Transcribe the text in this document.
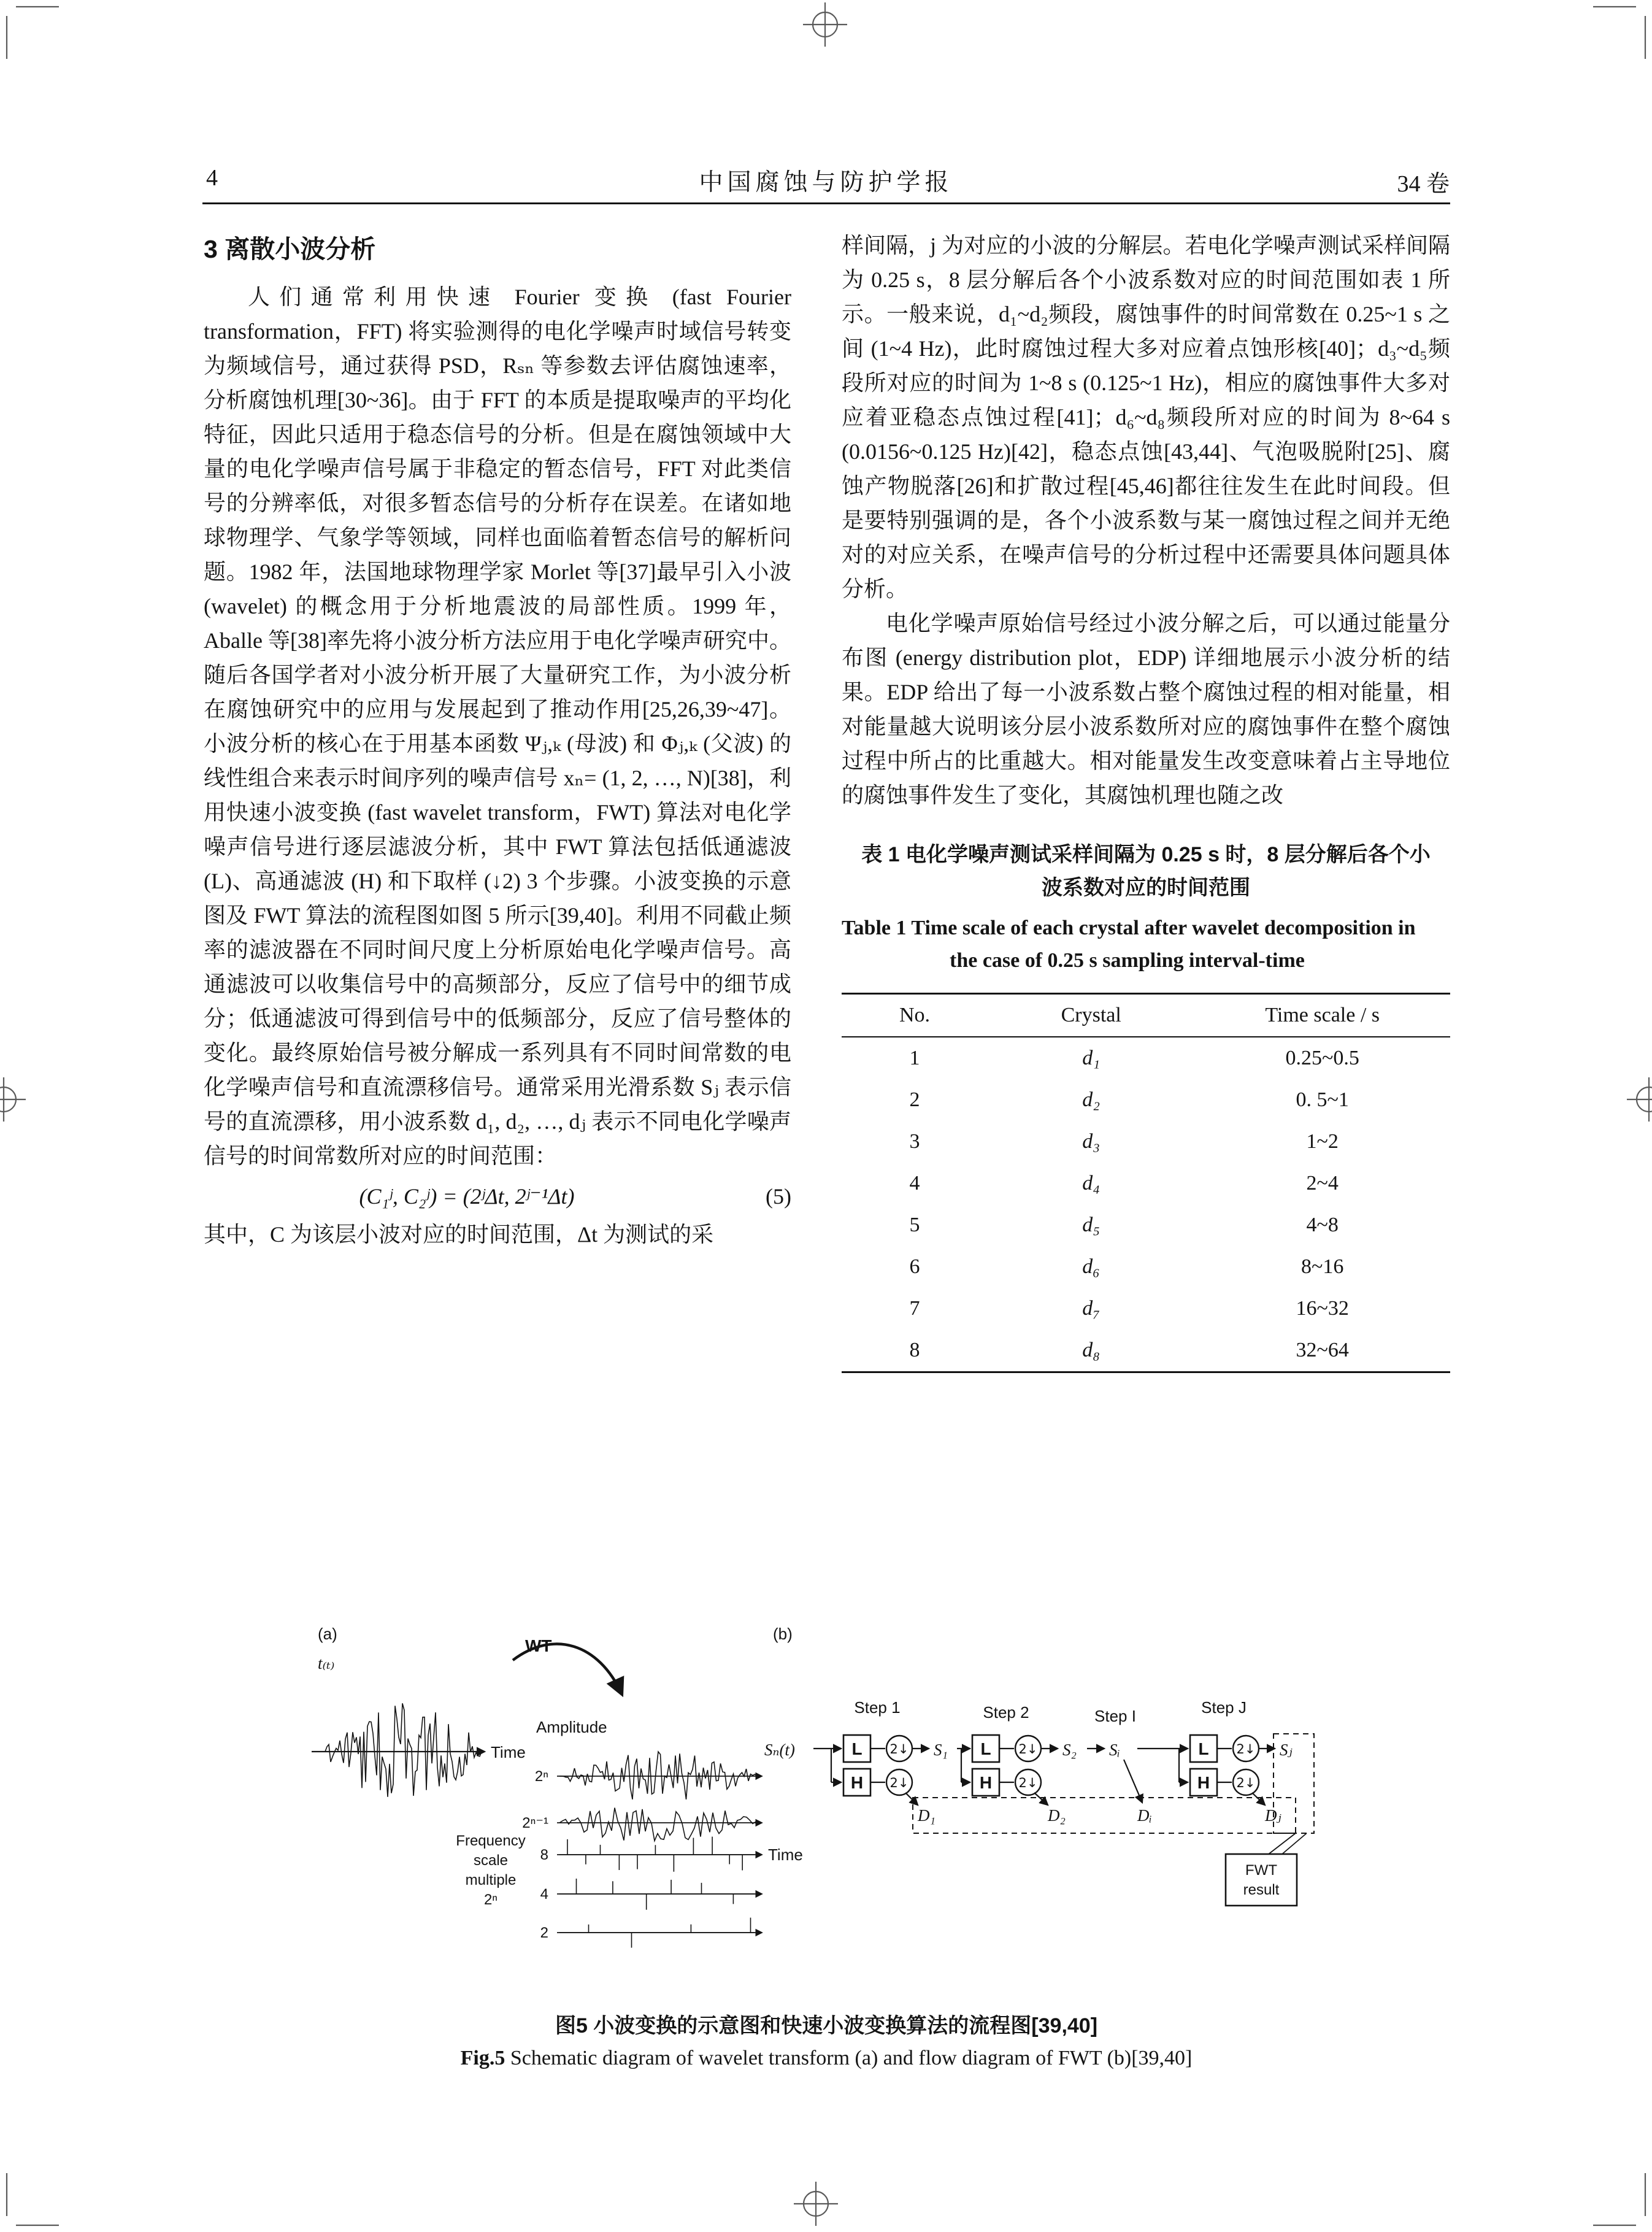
4	中国腐蚀与防护学报	34 卷
3 离散小波分析

人们通常利用快速 Fourier 变换 (fast Fourier transformation，FFT) 将实验测得的电化学噪声时域信号转变为频域信号，通过获得 PSD，Rₛₙ 等参数去评估腐蚀速率，分析腐蚀机理[30~36]。由于 FFT 的本质是提取噪声的平均化特征，因此只适用于稳态信号的分析。但是在腐蚀领域中大量的电化学噪声信号属于非稳定的暂态信号，FFT 对此类信号的分辨率低，对很多暂态信号的分析存在误差。在诸如地球物理学、气象学等领域，同样也面临着暂态信号的解析问题。1982 年，法国地球物理学家 Morlet 等[37]最早引入小波 (wavelet) 的概念用于分析地震波的局部性质。1999 年，Aballe 等[38]率先将小波分析方法应用于电化学噪声研究中。随后各国学者对小波分析开展了大量研究工作，为小波分析在腐蚀研究中的应用与发展起到了推动作用[25,26,39~47]。小波分析的核心在于用基本函数 Ψⱼ,ₖ (母波) 和 Φⱼ,ₖ (父波) 的线性组合来表示时间序列的噪声信号 xₙ= (1, 2, …, N)[38]，利用快速小波变换 (fast wavelet transform，FWT) 算法对电化学噪声信号进行逐层滤波分析，其中 FWT 算法包括低通滤波 (L)、高通滤波 (H) 和下取样 (↓2) 3 个步骤。小波变换的示意图及 FWT 算法的流程图如图 5 所示[39,40]。利用不同截止频率的滤波器在不同时间尺度上分析原始电化学噪声信号。高通滤波可以收集信号中的高频部分，反应了信号中的细节成分；低通滤波可得到信号中的低频部分，反应了信号整体的变化。最终原始信号被分解成一系列具有不同时间常数的电化学噪声信号和直流漂移信号。通常采用光滑系数 Sⱼ 表示信号的直流漂移，用小波系数 d₁, d₂, …, dⱼ 表示不同电化学噪声信号的时间常数所对应的时间范围：

(C₁ʲ, C₂ʲ) = (2ʲΔt, 2ʲ⁻¹Δt)	(5)

其中，C 为该层小波对应的时间范围，Δt 为测试的采

样间隔，j 为对应的小波的分解层。若电化学噪声测试采样间隔为 0.25 s，8 层分解后各个小波系数对应的时间范围如表 1 所示。一般来说，d₁~d₂频段，腐蚀事件的时间常数在 0.25~1 s 之间 (1~4 Hz)，此时腐蚀过程大多对应着点蚀形核[40]；d₃~d₅频段所对应的时间为 1~8 s (0.125~1 Hz)，相应的腐蚀事件大多对应着亚稳态点蚀过程[41]；d₆~d₈频段所对应的时间为 8~64 s (0.0156~0.125 Hz)[42]，稳态点蚀[43,44]、气泡吸脱附[25]、腐蚀产物脱落[26]和扩散过程[45,46]都往往发生在此时间段。但是要特别强调的是，各个小波系数与某一腐蚀过程之间并无绝对的对应关系，在噪声信号的分析过程中还需要具体问题具体分析。

电化学噪声原始信号经过小波分解之后，可以通过能量分布图 (energy distribution plot，EDP) 详细地展示小波分析的结果。EDP 给出了每一小波系数占整个腐蚀过程的相对能量，相对能量越大说明该分层小波系数所对应的腐蚀事件在整个腐蚀过程中所占的比重越大。相对能量发生改变意味着占主导地位的腐蚀事件发生了变化，其腐蚀机理也随之改

表 1 电化学噪声测试采样间隔为 0.25 s 时，8 层分解后各个小波系数对应的时间范围
Table 1 Time scale of each crystal after wavelet decomposition in the case of 0.25 s sampling interval-time
No.	Crystal	Time scale / s
1	d₁	0.25~0.5
2	d₂	0. 5~1
3	d₃	1~2
4	d₄	2~4
5	d₅	4~8
6	d₆	8~16
7	d₇	16~32
8	d₈	32~64
(a)
t₍ₜ₎
Time
WT
Amplitude
2ⁿ
2ⁿ⁻¹
8
4
2
Time
Frequency
scale
multiple
2ⁿ
(b)
Step 1	Step 2	Step I	Step J
Sₙ(t)	L 2↓ S₁
H 2↓
D₁
L 2↓ S₂
H 2↓
D₂
Sᵢ
Dᵢ
L 2↓ Sⱼ
H 2↓
Dⱼ
FWT
result
图5 小波变换的示意图和快速小波变换算法的流程图[39,40]
Fig.5 Schematic diagram of wavelet transform (a) and flow diagram of FWT (b)[39,40]
